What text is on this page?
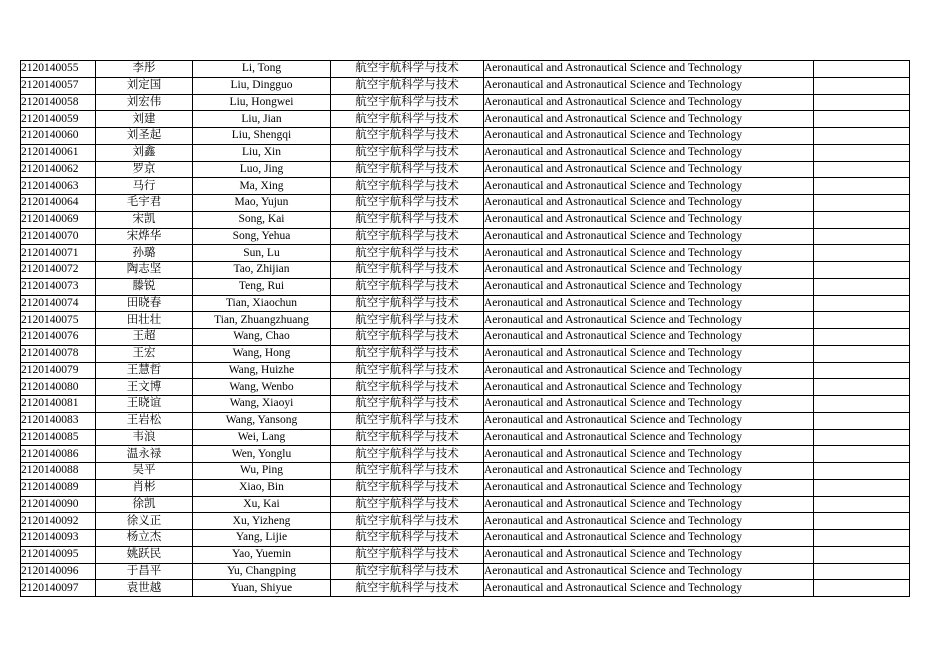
2120140055	李彤	Li, Tong	航空宇航科学与技术	Aeronautical and Astronautical Science and Technology	
2120140057	刘定国	Liu, Dingguo	航空宇航科学与技术	Aeronautical and Astronautical Science and Technology	
2120140058	刘宏伟	Liu, Hongwei	航空宇航科学与技术	Aeronautical and Astronautical Science and Technology	
2120140059	刘建	Liu, Jian	航空宇航科学与技术	Aeronautical and Astronautical Science and Technology	
2120140060	刘圣起	Liu, Shengqi	航空宇航科学与技术	Aeronautical and Astronautical Science and Technology	
2120140061	刘鑫	Liu, Xin	航空宇航科学与技术	Aeronautical and Astronautical Science and Technology	
2120140062	罗京	Luo, Jing	航空宇航科学与技术	Aeronautical and Astronautical Science and Technology	
2120140063	马行	Ma, Xing	航空宇航科学与技术	Aeronautical and Astronautical Science and Technology	
2120140064	毛宇君	Mao, Yujun	航空宇航科学与技术	Aeronautical and Astronautical Science and Technology	
2120140069	宋凯	Song, Kai	航空宇航科学与技术	Aeronautical and Astronautical Science and Technology	
2120140070	宋烨华	Song, Yehua	航空宇航科学与技术	Aeronautical and Astronautical Science and Technology	
2120140071	孙璐	Sun, Lu	航空宇航科学与技术	Aeronautical and Astronautical Science and Technology	
2120140072	陶志坚	Tao, Zhijian	航空宇航科学与技术	Aeronautical and Astronautical Science and Technology	
2120140073	滕锐	Teng, Rui	航空宇航科学与技术	Aeronautical and Astronautical Science and Technology	
2120140074	田晓春	Tian, Xiaochun	航空宇航科学与技术	Aeronautical and Astronautical Science and Technology	
2120140075	田壮壮	Tian, Zhuangzhuang	航空宇航科学与技术	Aeronautical and Astronautical Science and Technology	
2120140076	王超	Wang, Chao	航空宇航科学与技术	Aeronautical and Astronautical Science and Technology	
2120140078	王宏	Wang, Hong	航空宇航科学与技术	Aeronautical and Astronautical Science and Technology	
2120140079	王慧哲	Wang, Huizhe	航空宇航科学与技术	Aeronautical and Astronautical Science and Technology	
2120140080	王文博	Wang, Wenbo	航空宇航科学与技术	Aeronautical and Astronautical Science and Technology	
2120140081	王晓谊	Wang, Xiaoyi	航空宇航科学与技术	Aeronautical and Astronautical Science and Technology	
2120140083	王岩松	Wang, Yansong	航空宇航科学与技术	Aeronautical and Astronautical Science and Technology	
2120140085	韦浪	Wei, Lang	航空宇航科学与技术	Aeronautical and Astronautical Science and Technology	
2120140086	温永禄	Wen, Yonglu	航空宇航科学与技术	Aeronautical and Astronautical Science and Technology	
2120140088	吴平	Wu, Ping	航空宇航科学与技术	Aeronautical and Astronautical Science and Technology	
2120140089	肖彬	Xiao, Bin	航空宇航科学与技术	Aeronautical and Astronautical Science and Technology	
2120140090	徐凯	Xu, Kai	航空宇航科学与技术	Aeronautical and Astronautical Science and Technology	
2120140092	徐义正	Xu, Yizheng	航空宇航科学与技术	Aeronautical and Astronautical Science and Technology	
2120140093	杨立杰	Yang, Lijie	航空宇航科学与技术	Aeronautical and Astronautical Science and Technology	
2120140095	姚跃民	Yao, Yuemin	航空宇航科学与技术	Aeronautical and Astronautical Science and Technology	
2120140096	于昌平	Yu, Changping	航空宇航科学与技术	Aeronautical and Astronautical Science and Technology	
2120140097	袁世越	Yuan, Shiyue	航空宇航科学与技术	Aeronautical and Astronautical Science and Technology	
